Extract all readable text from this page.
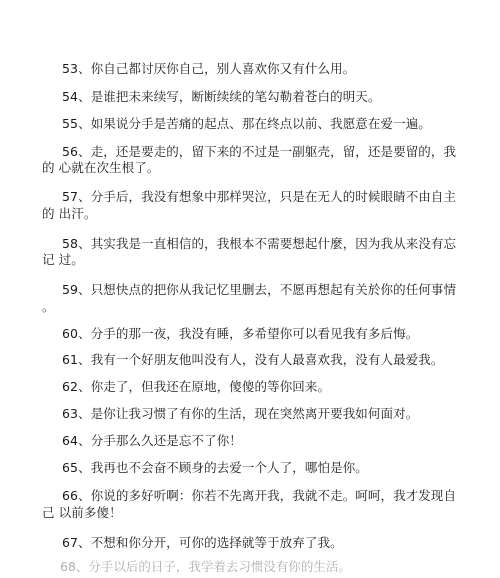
53、你自己都讨厌你自己，别人喜欢你又有什么用。
54、是谁把未来续写，断断续续的笔勾勒着苍白的明天。
55、如果说分手是苦痛的起点、那在终点以前、我愿意在爱一遍。
56、走，还是要走的，留下来的不过是一副躯壳，留，还是要留的，我
的 心就在次生根了。
57、分手后，我没有想象中那样哭泣，只是在无人的时候眼睛不由自主
的 出汗。
58、其实我是一直相信的，我根本不需要想起什麼，因为我从来没有忘
记 过。
59、只想快点的把你从我记忆里删去，不愿再想起有关於你的任何事情
。
60、分手的那一夜，我没有睡，多希望你可以看见我有多后悔。
61、我有一个好朋友他叫没有人，没有人最喜欢我，没有人最爱我。
62、你走了，但我还在原地，傻傻的等你回来。
63、是你让我习惯了有你的生活，现在突然离开要我如何面对。
64、分手那么久还是忘不了你！
65、我再也不会奋不顾身的去爱一个人了，哪怕是你。
66、你说的多好听啊：你若不先离开我，我就不走。呵呵，我才发现自
己 以前多傻！
67、不想和你分开，可你的选择就等于放弃了我。
68、分手以后的日子，我学着去习惯没有你的生活。
